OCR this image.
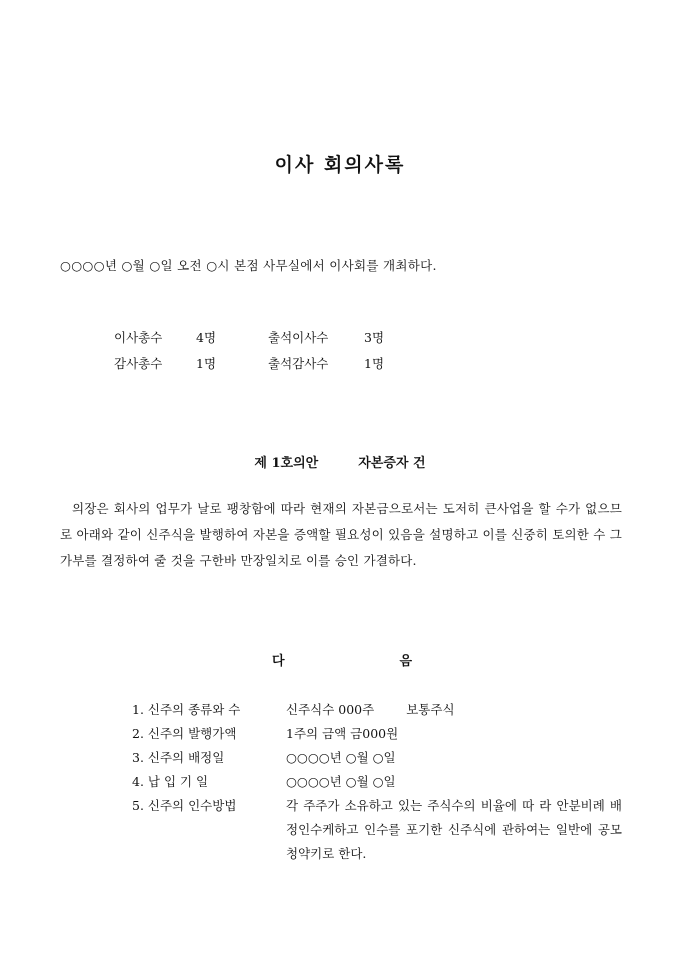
이사 회의사록
○○○○년 ○월 ○일 오전 ○시 본점 사무실에서 이사회를 개최하다.
이사총수	4명	출석이사수	3명
감사총수	1명	출석감사수	1명
제 1호의안	자본증자 건
의장은 회사의 업무가 날로 팽창함에 따라 현재의 자본금으로서는 도저히 큰사업을 할 수가 없으므로 아래와 같이 신주식을 발행하여 자본을 증액할 필요성이 있음을 설명하고 이를 신중히 토의한 수 그 가부를 결정하여 줄 것을 구한바 만장일치로 이를 승인 가결하다.
다	음
1. 신주의 종류와 수	신주식수 000주	보통주식
2. 신주의 발행가액	1주의 금액 금000원
3. 신주의 배정일	○○○○년 ○월 ○일
4. 납 입 기 일	○○○○년 ○월 ○일
5. 신주의 인수방법	각 주주가 소유하고 있는 주식수의 비율에 따 라 안분비례 배정인수케하고 인수를 포기한 신주식에 관하여는 일반에 공모 청약키로 한다.
